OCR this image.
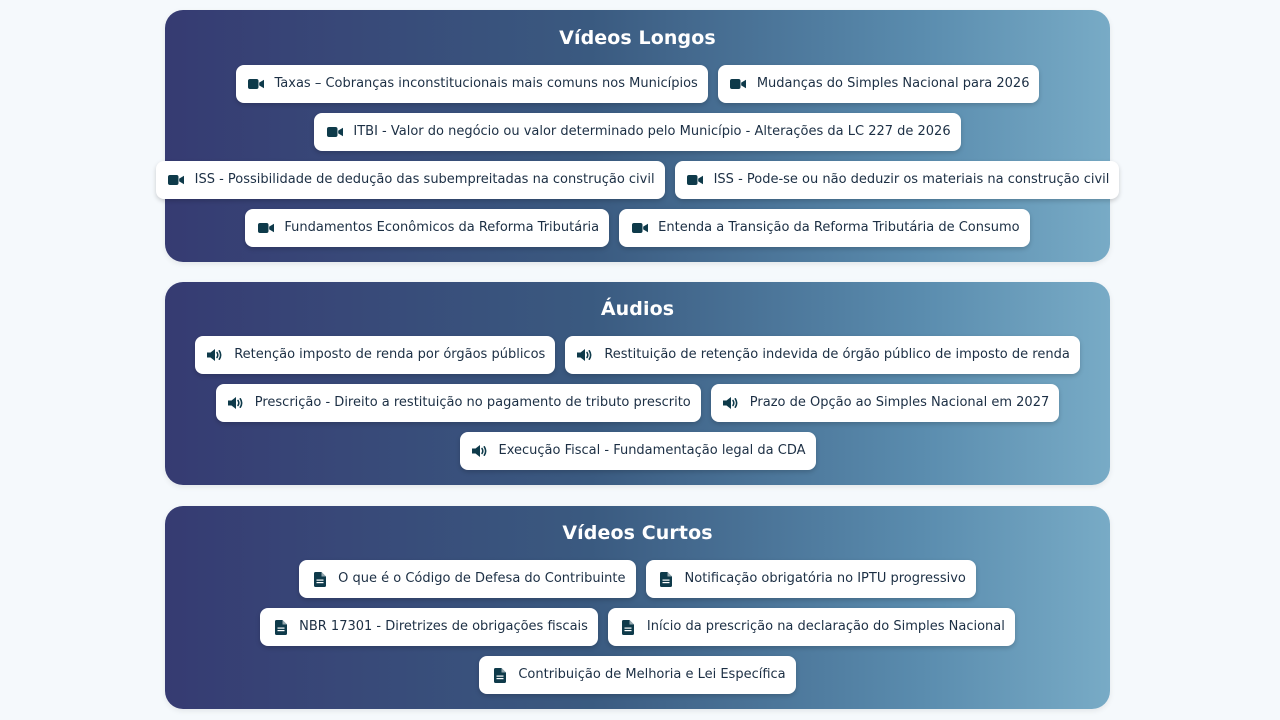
Vídeos Longos
Taxas – Cobranças inconstitucionais mais comuns nos Municípios	Mudanças do Simples Nacional para 2026
ITBI - Valor do negócio ou valor determinado pelo Município - Alterações da LC 227 de 2026
ISS - Possibilidade de dedução das subempreitadas na construção civil	ISS - Pode-se ou não deduzir os materiais na construção civil
Fundamentos Econômicos da Reforma Tributária	Entenda a Transição da Reforma Tributária de Consumo
Áudios
Retenção imposto de renda por órgãos públicos	Restituição de retenção indevida de órgão público de imposto de renda
Prescrição - Direito a restituição no pagamento de tributo prescrito	Prazo de Opção ao Simples Nacional em 2027
Execução Fiscal - Fundamentação legal da CDA
Vídeos Curtos
O que é o Código de Defesa do Contribuinte	Notificação obrigatória no IPTU progressivo
NBR 17301 - Diretrizes de obrigações fiscais	Início da prescrição na declaração do Simples Nacional
Contribuição de Melhoria e Lei Específica
